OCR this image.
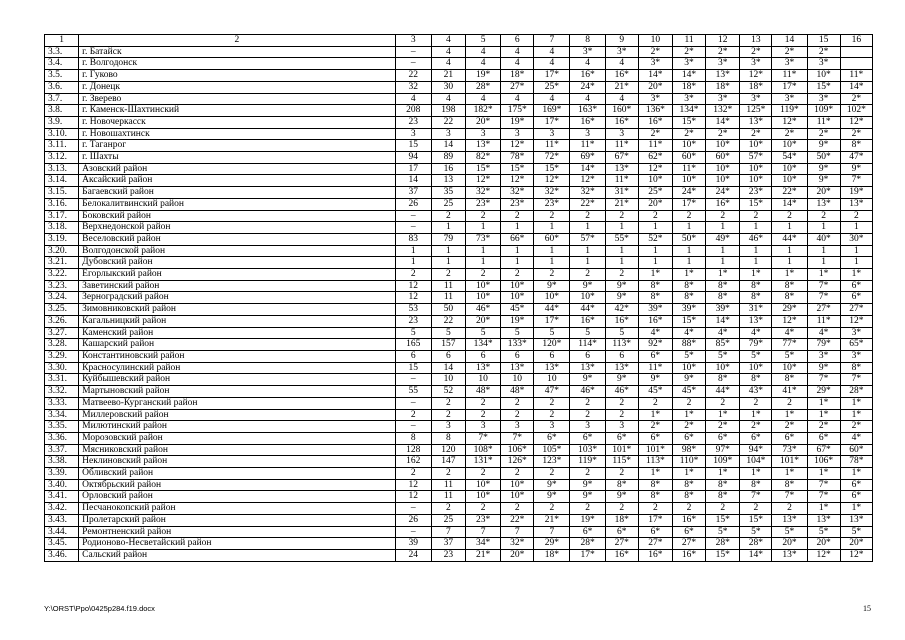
1	2	3	4	5	6	7	8	9	10	11	12	13	14	15	16
3.3.	г. Батайск	–	4	4	4	4	3*	3*	2*	2*	2*	2*	2*	2*	
3.4.	г. Волгодонск	–	4	4	4	4	4	4	3*	3*	3*	3*	3*	3*	
3.5.	г. Гуково	22	21	19*	18*	17*	16*	16*	14*	14*	13*	12*	11*	10*	11*
3.6.	г. Донецк	32	30	28*	27*	25*	24*	21*	20*	18*	18*	18*	17*	15*	14*
3.7.	г. Зверево	4	4	4	4	4	4	4	3*	3*	3*	3*	3*	3*	2*
3.8.	г. Каменск-Шахтинский	208	198	182*	175*	169*	163*	160*	136*	134*	132*	125*	119*	109*	102*
3.9.	г. Новочеркасск	23	22	20*	19*	17*	16*	16*	16*	15*	14*	13*	12*	11*	12*
3.10.	г. Новошахтинск	3	3	3	3	3	3	3	2*	2*	2*	2*	2*	2*	2*
3.11.	г. Таганрог	15	14	13*	12*	11*	11*	11*	11*	10*	10*	10*	10*	9*	8*
3.12.	г. Шахты	94	89	82*	78*	72*	69*	67*	62*	60*	60*	57*	54*	50*	47*
3.13.	Азовский район	17	16	15*	15*	15*	14*	13*	12*	11*	10*	10*	10*	9*	9*
3.14.	Аксайский район	14	13	12*	12*	12*	12*	11*	10*	10*	10*	10*	10*	9*	7*
3.15.	Багаевский район	37	35	32*	32*	32*	32*	31*	25*	24*	24*	23*	22*	20*	19*
3.16.	Белокалитвинский район	26	25	23*	23*	23*	22*	21*	20*	17*	16*	15*	14*	13*	13*
3.17.	Боковский район	–	2	2	2	2	2	2	2	2	2	2	2	2	2
3.18.	Верхнедонской район	–	1	1	1	1	1	1	1	1	1	1	1	1	1
3.19.	Веселовский район	83	79	73*	66*	60*	57*	55*	52*	50*	49*	46*	44*	40*	30*
3.20.	Волгодонской район	1	1	1	1	1	1	1	1	1	1	1	1	1	1
3.21.	Дубовский район	1	1	1	1	1	1	1	1	1	1	1	1	1	1
3.22.	Егорлыкский район	2	2	2	2	2	2	2	1*	1*	1*	1*	1*	1*	1*
3.23.	Заветинский район	12	11	10*	10*	9*	9*	9*	8*	8*	8*	8*	8*	7*	6*
3.24.	Зерноградский район	12	11	10*	10*	10*	10*	9*	8*	8*	8*	8*	8*	7*	6*
3.25.	Зимовниковский район	53	50	46*	45*	44*	44*	42*	39*	39*	39*	31*	29*	27*	27*
3.26.	Кагальницкий район	23	22	20*	19*	17*	16*	16*	16*	15*	14*	13*	12*	11*	12*
3.27.	Каменский район	5	5	5	5	5	5	5	4*	4*	4*	4*	4*	4*	3*
3.28.	Кашарский район	165	157	134*	133*	120*	114*	113*	92*	88*	85*	79*	77*	79*	65*
3.29.	Константиновский район	6	6	6	6	6	6	6	6*	5*	5*	5*	5*	3*	3*
3.30.	Красносулинский район	15	14	13*	13*	13*	13*	13*	11*	10*	10*	10*	10*	9*	8*
3.31.	Куйбышевский район	–	10	10	10	10	9*	9*	9*	9*	8*	8*	8*	7*	7*
3.32.	Мартыновский район	55	52	48*	48*	47*	46*	46*	45*	45*	44*	43*	41*	29*	28*
3.33.	Матвеево-Курганский район	–	2	2	2	2	2	2	2	2	2	2	2	1*	1*
3.34.	Миллеровский район	2	2	2	2	2	2	2	1*	1*	1*	1*	1*	1*	1*
3.35.	Милютинский район	–	3	3	3	3	3	3	2*	2*	2*	2*	2*	2*	2*
3.36.	Морозовский район	8	8	7*	7*	6*	6*	6*	6*	6*	6*	6*	6*	6*	4*
3.37.	Мясниковский район	128	120	108*	106*	105*	103*	101*	101*	98*	97*	94*	73*	67*	60*
3.38.	Неклиновский район	162	147	131*	126*	123*	119*	115*	113*	110*	109*	104*	101*	106*	78*
3.39.	Обливский район	2	2	2	2	2	2	2	1*	1*	1*	1*	1*	1*	1*
3.40.	Октябрьский район	12	11	10*	10*	9*	9*	8*	8*	8*	8*	8*	8*	7*	6*
3.41.	Орловский район	12	11	10*	10*	9*	9*	9*	8*	8*	8*	7*	7*	7*	6*
3.42.	Песчанокопский район	–	2	2	2	2	2	2	2	2	2	2	2	1*	1*
3.43.	Пролетарский район	26	25	23*	22*	21*	19*	18*	17*	16*	15*	15*	13*	13*	13*
3.44.	Ремонтненский район	–	7	7	7	7	6*	6*	6*	6*	5*	5*	5*	5*	5*
3.45.	Родионово-Несветайский район	39	37	34*	32*	29*	28*	27*	27*	27*	28*	28*	20*	20*	20*
3.46.	Сальский район	24	23	21*	20*	18*	17*	16*	16*	16*	15*	14*	13*	12*	12*
Y:\ORST\Ppo\0425p284.f19.docx	15
